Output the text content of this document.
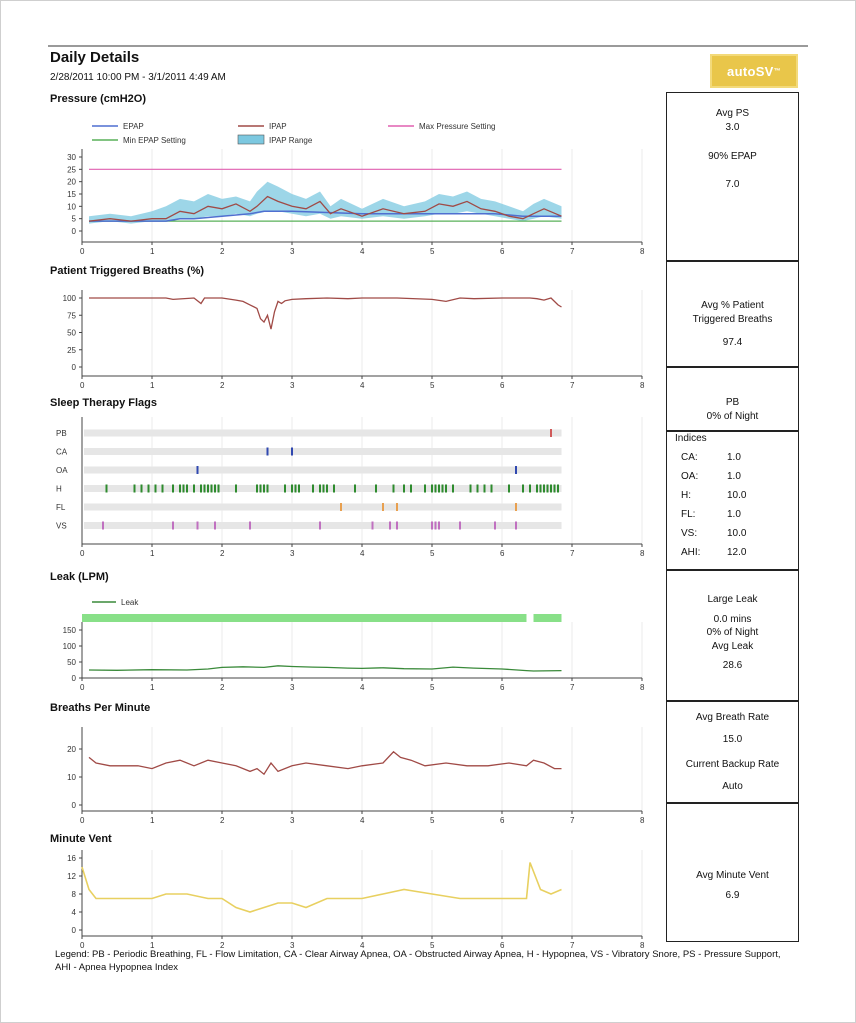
Daily Details
2/28/2011 10:00 PM - 3/1/2011 4:49 AM	autoSV ™
Pressure (cmH2O)
Patient Triggered Breaths (%)
Sleep Therapy Flags
Leak (LPM)
Breaths Per Minute
Minute Vent
0	1	2	3	4	5	6	7	8
0
5
10
15
20
25
30
EPAP	IPAP	Max Pressure Setting
Min EPAP Setting	IPAP Range
0	1	2	3	4	5	6	7	8
0
25
50
75
100
0	1	2	3	4	5	6	7	8
PB
CA
OA
H
FL
VS
0	1	2	3	4	5	6	7	8
0
50
100
150
Leak
0	1	2	3	4	5	6	7	8
0
10
20
0	1	2	3	4	5	6	7	8
0
4
8
12
16
Avg PS
3.0
90% EPAP
7.0
Avg % Patient
Triggered Breaths
97.4
PB
0% of Night
Indices
CA:	1.0
OA:	1.0
H:	10.0
FL:	1.0
VS:	10.0
AHI:	12.0
Large Leak
0.0 mins
0% of Night
Avg Leak
28.6
Avg Breath Rate
15.0
Current Backup Rate
Auto
Avg Minute Vent
6.9
Legend: PB - Periodic Breathing, FL - Flow Limitation, CA - Clear Airway Apnea, OA - Obstructed Airway Apnea, H - Hypopnea, VS - Vibratory Snore, PS - Pressure Support, AHI - Apnea Hypopnea Index
